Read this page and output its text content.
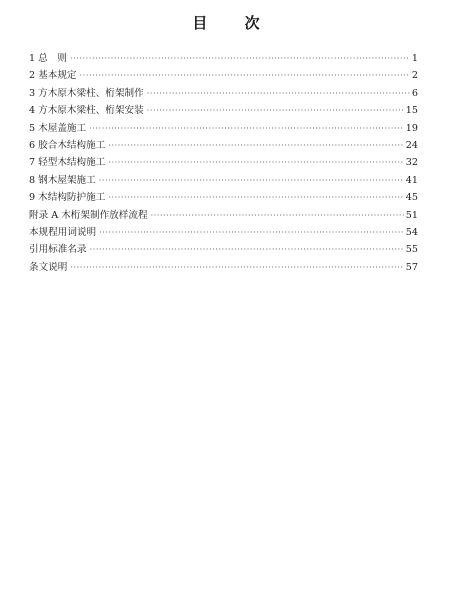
目 次
1 总　则 ·····	1
2 基本规定 ·····	2
3 方木原木梁柱、桁架制作 ·····	6
4 方木原木梁柱、桁架安装 ·····	15
5 木屋盖施工 ·····	19
6 胶合木结构施工 ·····	24
7 轻型木结构施工 ·····	32
8 钢木屋架施工 ·····	41
9 木结构防护施工 ·····	45
附录 A 木桁架制作放样流程 ·····	51
本规程用词说明 ·····	54
引用标准名录 ·····	55
条文说明 ·····	57
